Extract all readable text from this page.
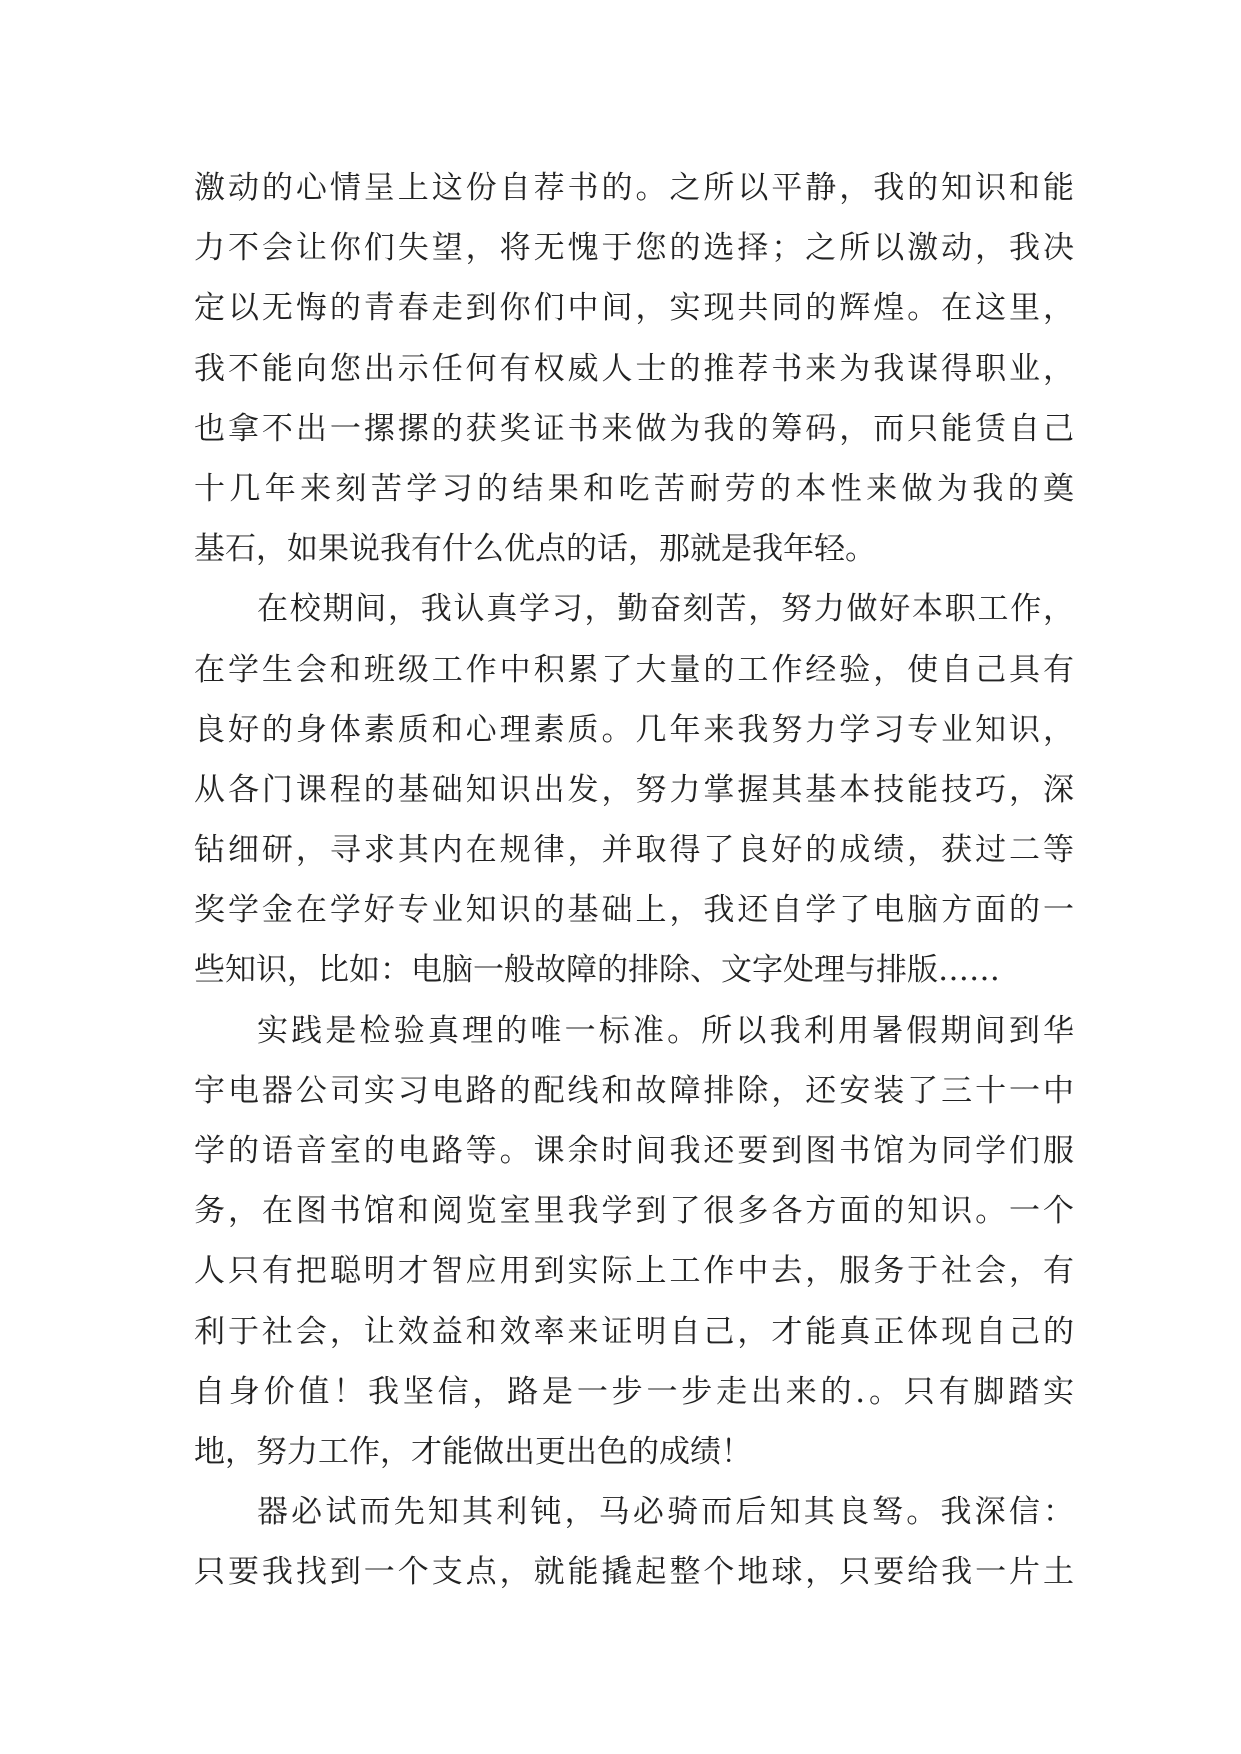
激动的心情呈上这份自荐书的。之所以平静，我的知识和能
力不会让你们失望，将无愧于您的选择；之所以激动，我决
定以无悔的青春走到你们中间，实现共同的辉煌。在这里，
我不能向您出示任何有权威人士的推荐书来为我谋得职业，
也拿不出一摞摞的获奖证书来做为我的筹码，而只能赁自己
十几年来刻苦学习的结果和吃苦耐劳的本性来做为我的奠
基石，如果说我有什么优点的话，那就是我年轻。
在校期间，我认真学习，勤奋刻苦，努力做好本职工作，
在学生会和班级工作中积累了大量的工作经验，使自己具有
良好的身体素质和心理素质。几年来我努力学习专业知识，
从各门课程的基础知识出发，努力掌握其基本技能技巧，深
钻细研，寻求其内在规律，并取得了良好的成绩，获过二等
奖学金在学好专业知识的基础上，我还自学了电脑方面的一
些知识，比如：电脑一般故障的排除、文字处理与排版……
实践是检验真理的唯一标准。所以我利用暑假期间到华
宇电器公司实习电路的配线和故障排除，还安装了三十一中
学的语音室的电路等。课余时间我还要到图书馆为同学们服
务，在图书馆和阅览室里我学到了很多各方面的知识。一个
人只有把聪明才智应用到实际上工作中去，服务于社会，有
利于社会，让效益和效率来证明自己，才能真正体现自己的
自身价值！我坚信，路是一步一步走出来的.。只有脚踏实
地，努力工作，才能做出更出色的成绩！
器必试而先知其利钝，马必骑而后知其良驽。我深信：
只要我找到一个支点，就能撬起整个地球，只要给我一片土
